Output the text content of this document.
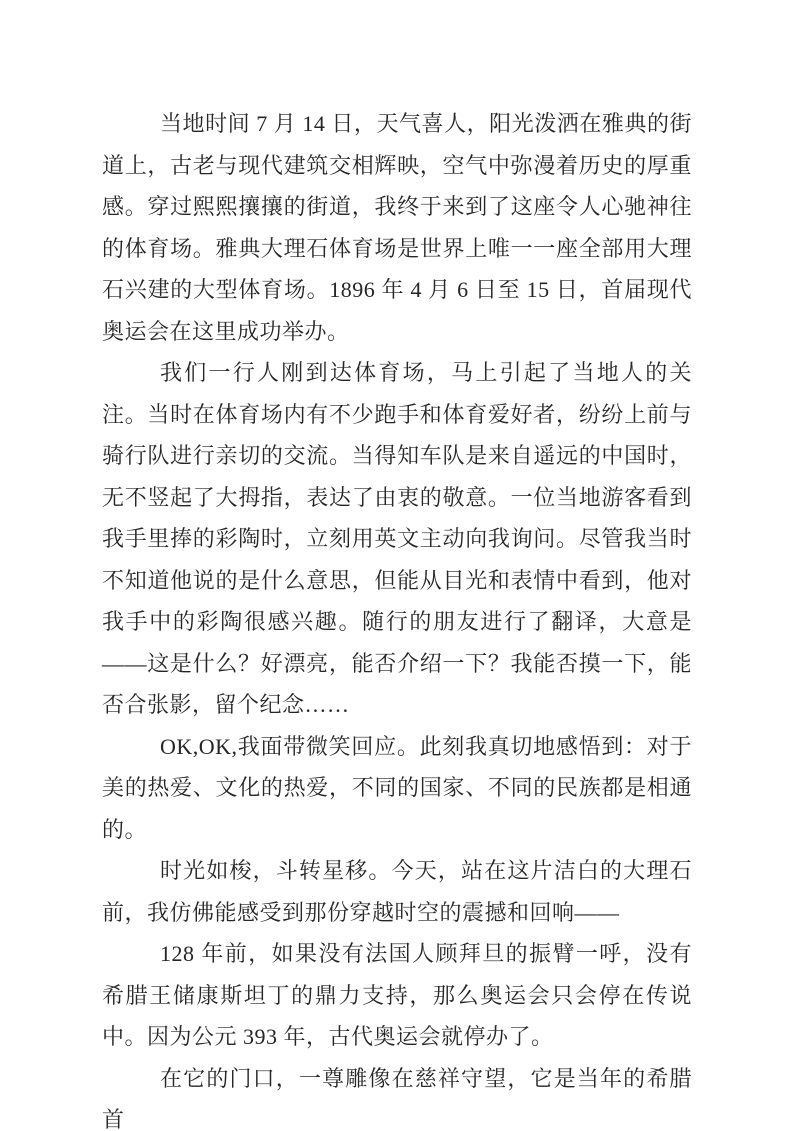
当地时间 7 月 14 日，天气喜人，阳光泼洒在雅典的街道上，古老与现代建筑交相辉映，空气中弥漫着历史的厚重感。穿过熙熙攘攘的街道，我终于来到了这座令人心驰神往的体育场。雅典大理石体育场是世界上唯一一座全部用大理石兴建的大型体育场。1896 年 4 月 6 日至 15 日，首届现代奥运会在这里成功举办。

我们一行人刚到达体育场，马上引起了当地人的关注。当时在体育场内有不少跑手和体育爱好者，纷纷上前与骑行队进行亲切的交流。当得知车队是来自遥远的中国时，无不竖起了大拇指，表达了由衷的敬意。一位当地游客看到我手里捧的彩陶时，立刻用英文主动向我询问。尽管我当时不知道他说的是什么意思，但能从目光和表情中看到，他对我手中的彩陶很感兴趣。随行的朋友进行了翻译，大意是——这是什么？好漂亮，能否介绍一下？我能否摸一下，能否合张影，留个纪念……

OK,OK,我面带微笑回应。此刻我真切地感悟到：对于美的热爱、文化的热爱，不同的国家、不同的民族都是相通的。

时光如梭，斗转星移。今天，站在这片洁白的大理石前，我仿佛能感受到那份穿越时空的震撼和回响——

128 年前，如果没有法国人顾拜旦的振臂一呼，没有希腊王储康斯坦丁的鼎力支持，那么奥运会只会停在传说中。因为公元 393 年，古代奥运会就停办了。

在它的门口，一尊雕像在慈祥守望，它是当年的希腊首
